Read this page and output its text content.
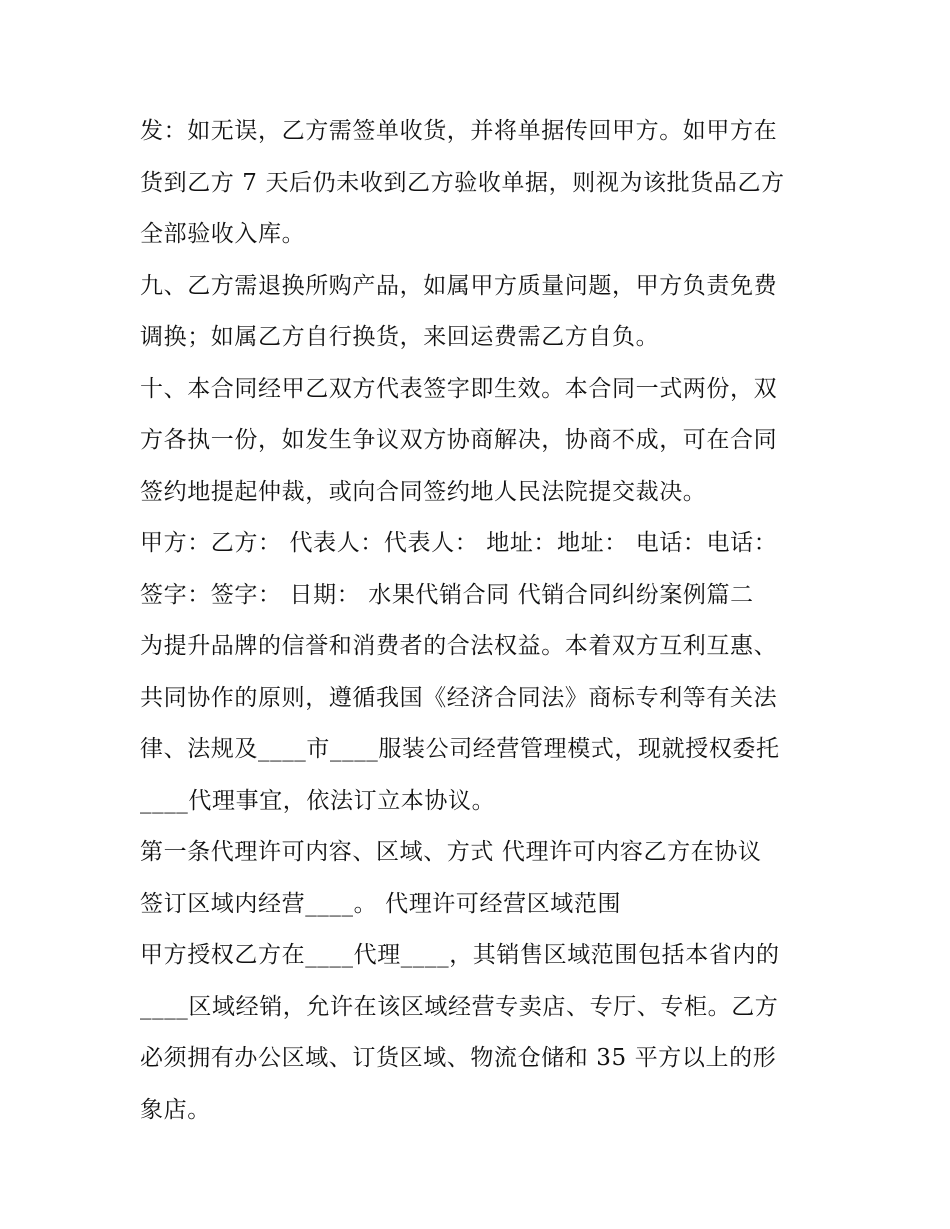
发：如无误，乙方需签单收货，并将单据传回甲方。如甲方在
货到乙方 7 天后仍未收到乙方验收单据，则视为该批货品乙方
全部验收入库。
九、乙方需退换所购产品，如属甲方质量问题，甲方负责免费
调换；如属乙方自行换货，来回运费需乙方自负。
十、本合同经甲乙双方代表签字即生效。本合同一式两份，双
方各执一份，如发生争议双方协商解决，协商不成，可在合同
签约地提起仲裁，或向合同签约地人民法院提交裁决。
甲方：乙方： 代表人：代表人： 地址：地址： 电话：电话：
签字：签字： 日期： 水果代销合同 代销合同纠纷案例篇二
为提升品牌的信誉和消费者的合法权益。本着双方互利互惠、
共同协作的原则，遵循我国《经济合同法》商标专利等有关法
律、法规及____市____服装公司经营管理模式，现就授权委托
____代理事宜，依法订立本协议。
第一条代理许可内容、区域、方式 代理许可内容乙方在协议
签订区域内经营____。 代理许可经营区域范围
甲方授权乙方在____代理____，其销售区域范围包括本省内的
____区域经销，允许在该区域经营专卖店、专厅、专柜。乙方
必须拥有办公区域、订货区域、物流仓储和 35 平方以上的形
象店。
